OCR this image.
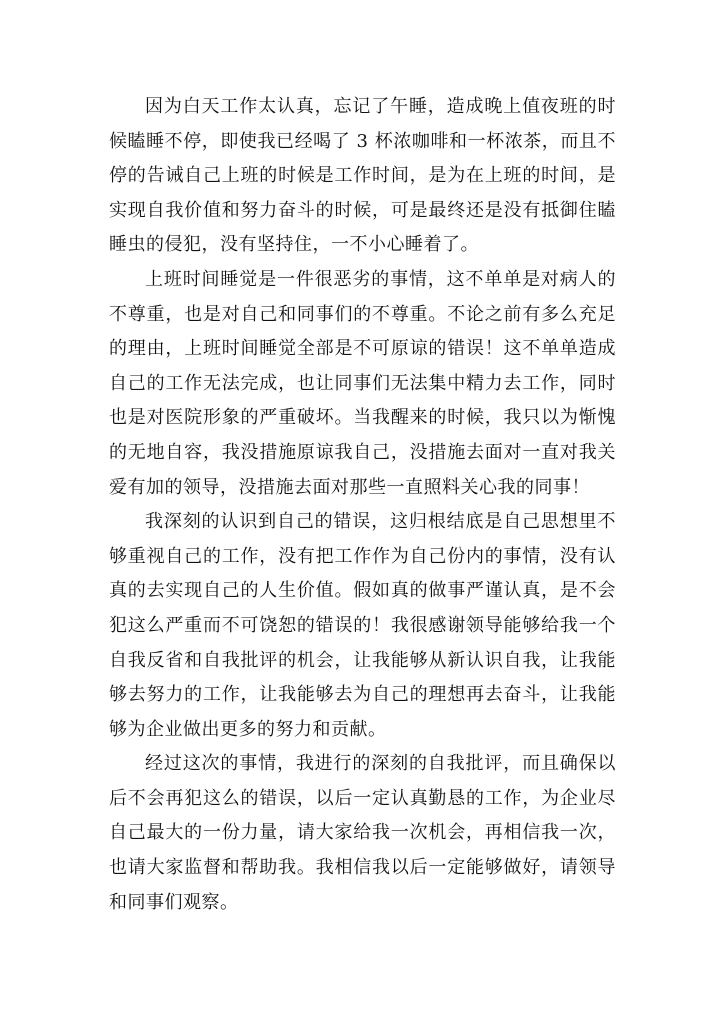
因为白天工作太认真，忘记了午睡，造成晚上值夜班的时候瞌睡不停，即使我已经喝了 3 杯浓咖啡和一杯浓茶，而且不停的告诫自己上班的时候是工作时间，是为在上班的时间，是实现自我价值和努力奋斗的时候，可是最终还是没有抵御住瞌睡虫的侵犯，没有坚持住，一不小心睡着了。

上班时间睡觉是一件很恶劣的事情，这不单单是对病人的不尊重，也是对自己和同事们的不尊重。不论之前有多么充足的理由，上班时间睡觉全部是不可原谅的错误！这不单单造成自己的工作无法完成，也让同事们无法集中精力去工作，同时也是对医院形象的严重破坏。当我醒来的时候，我只以为惭愧的无地自容，我没措施原谅我自己，没措施去面对一直对我关爱有加的领导，没措施去面对那些一直照料关心我的同事！

我深刻的认识到自己的错误，这归根结底是自己思想里不够重视自己的工作，没有把工作作为自己份内的事情，没有认真的去实现自己的人生价值。假如真的做事严谨认真，是不会犯这么严重而不可饶恕的错误的！我很感谢领导能够给我一个自我反省和自我批评的机会，让我能够从新认识自我，让我能够去努力的工作，让我能够去为自己的理想再去奋斗，让我能够为企业做出更多的努力和贡献。

经过这次的事情，我进行的深刻的自我批评，而且确保以后不会再犯这么的错误，以后一定认真勤恳的工作，为企业尽自己最大的一份力量，请大家给我一次机会，再相信我一次，也请大家监督和帮助我。我相信我以后一定能够做好，请领导和同事们观察。
